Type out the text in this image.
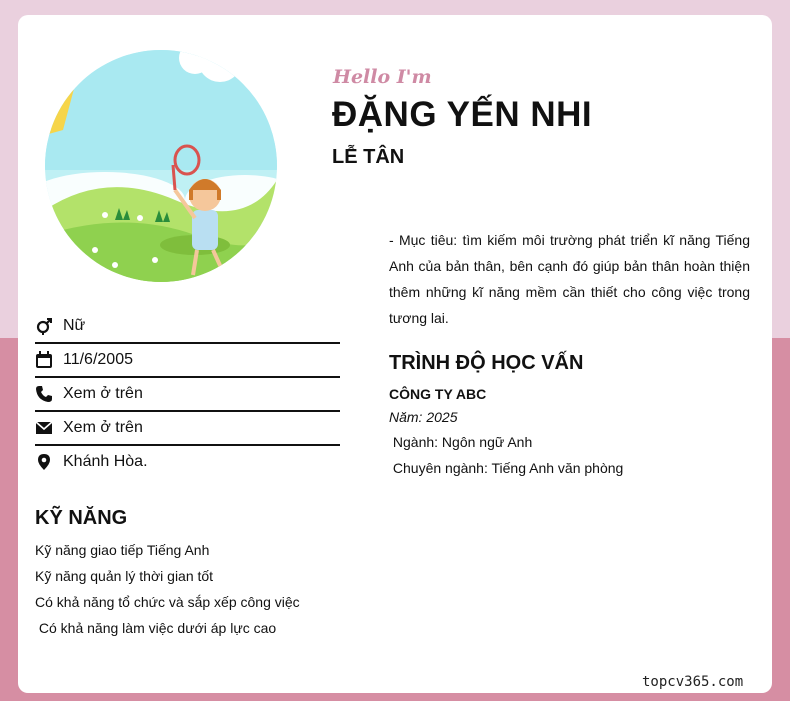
Hello I'm
ĐẶNG YẾN NHI
LỄ TÂN
Nữ
11/6/2005
Xem ở trên
Xem ở trên
Khánh Hòa.
KỸ NĂNG
Kỹ năng giao tiếp Tiếng Anh
Kỹ năng quản lý thời gian tốt
Có khả năng tổ chức và sắp xếp công việc
Có khả năng làm việc dưới áp lực cao
- Mục tiêu: tìm kiếm môi trường phát triển kĩ năng Tiếng Anh của bản thân, bên cạnh đó giúp bản thân hoàn thiện thêm những kĩ năng mềm cần thiết cho công việc trong tương lai.
TRÌNH ĐỘ HỌC VẤN
CÔNG TY ABC
Năm: 2025
Ngành: Ngôn ngữ Anh
Chuyên ngành: Tiếng Anh văn phòng
topcv365.com
